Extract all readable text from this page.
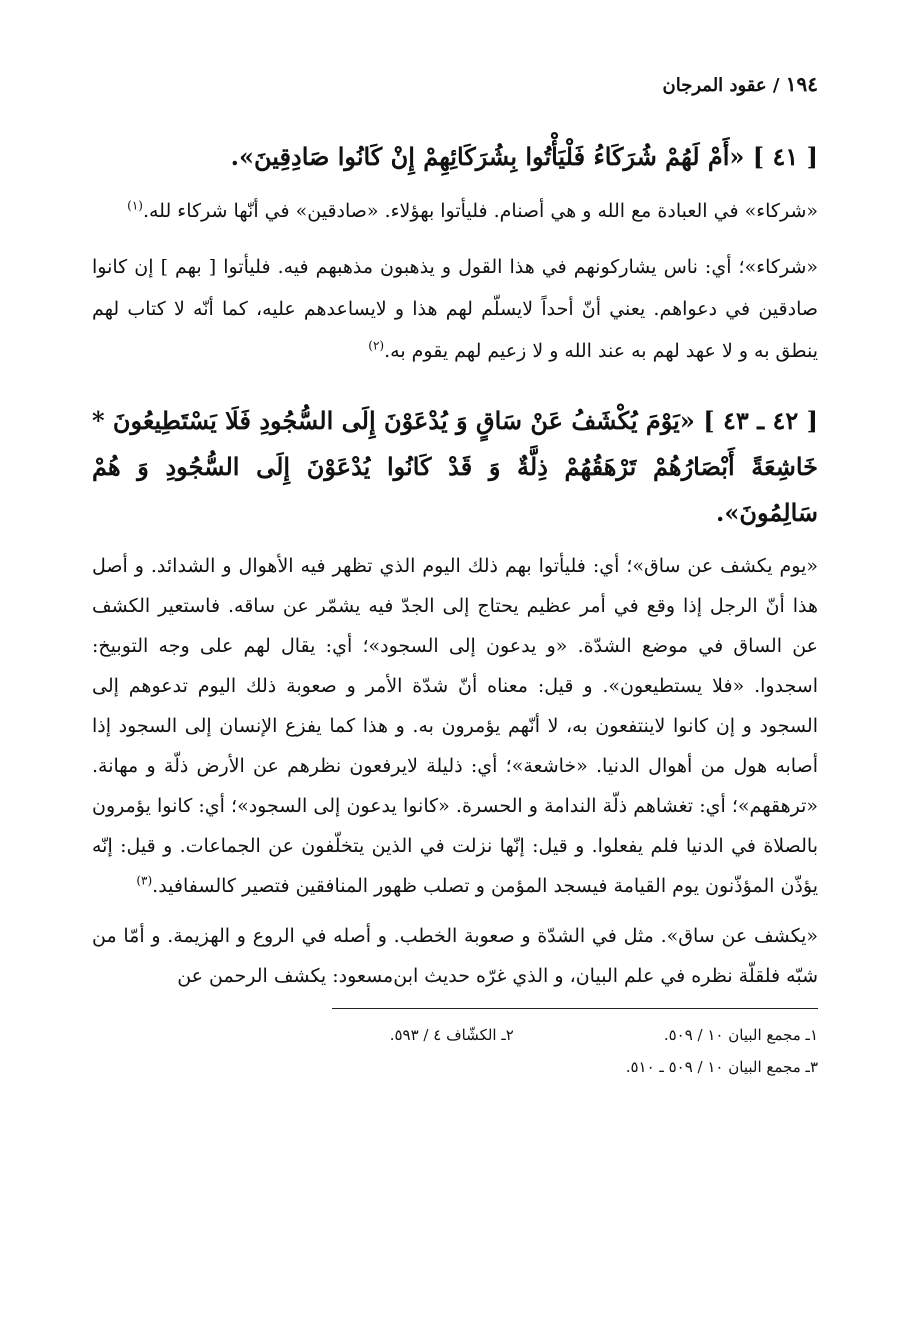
١٩٤ / عقود المرجان
[ ٤١ ] «أَمْ لَهُمْ شُرَكَاءُ فَلْيَأْتُوا بِشُرَكَائِهِمْ إِنْ كَانُوا صَادِقِينَ».
«شركاء» في العبادة مع الله و هي أصنام. فليأتوا بهؤلاء. «صادقين» في أنّها شركاء لله.$^{(١)}$
«شركاء»؛ أي: ناس يشاركونهم في هذا القول و يذهبون مذهبهم فيه. فليأتوا [ بهم ] إن كانوا صادقين في دعواهم. يعني أنّ أحداً لايسلّم لهم هذا و لايساعدهم عليه، كما أنّه لا كتاب لهم ينطق به و لا عهد لهم به عند الله و لا زعيم لهم يقوم به.$^{(٢)}$
[ ٤٢ ـ ٤٣ ] «يَوْمَ يُكْشَفُ عَنْ سَاقٍ وَ يُدْعَوْنَ إِلَى السُّجُودِ فَلَا يَسْتَطِيعُونَ * خَاشِعَةً أَبْصَارُهُمْ تَرْهَقُهُمْ ذِلَّةٌ وَ قَدْ كَانُوا يُدْعَوْنَ إِلَى السُّجُودِ وَ هُمْ سَالِمُونَ».
«يوم يكشف عن ساق»؛ أي: فليأتوا بهم ذلك اليوم الذي تظهر فيه الأهوال و الشدائد. و أصل هذا أنّ الرجل إذا وقع في أمر عظيم يحتاج إلى الجدّ فيه يشمّر عن ساقه. فاستعير الكشف عن الساق في موضع الشدّة. «و يدعون إلى السجود»؛ أي: يقال لهم على وجه التوبيخ: اسجدوا. «فلا يستطيعون». و قيل: معناه أنّ شدّة الأمر و صعوبة ذلك اليوم تدعوهم إلى السجود و إن كانوا لاينتفعون به، لا أنّهم يؤمرون به. و هذا كما يفزع الإنسان إلى السجود إذا أصابه هول من أهوال الدنيا. «خاشعة»؛ أي: ذليلة لايرفعون نظرهم عن الأرض ذلّة و مهانة. «ترهقهم»؛ أي: تغشاهم ذلّة الندامة و الحسرة. «كانوا يدعون إلى السجود»؛ أي: كانوا يؤمرون بالصلاة في الدنيا فلم يفعلوا. و قيل: إنّها نزلت في الذين يتخلّفون عن الجماعات. و قيل: إنّه يؤذّن المؤذّنون يوم القيامة فيسجد المؤمن و تصلب ظهور المنافقين فتصير كالسفافيد.$^{(٣)}$
«يكشف عن ساق». مثل في الشدّة و صعوبة الخطب. و أصله في الروع و الهزيمة. و أمّا من شبّه فلقلّة نظره في علم البيان، و الذي غرّه حديث ابن‌مسعود: يكشف الرحمن عن
١ـ مجمع البيان ١٠ / ٥٠٩.
٢ـ الكشّاف ٤ / ٥٩٣.
٣ـ مجمع البيان ١٠ / ٥٠٩ ـ ٥١٠.
